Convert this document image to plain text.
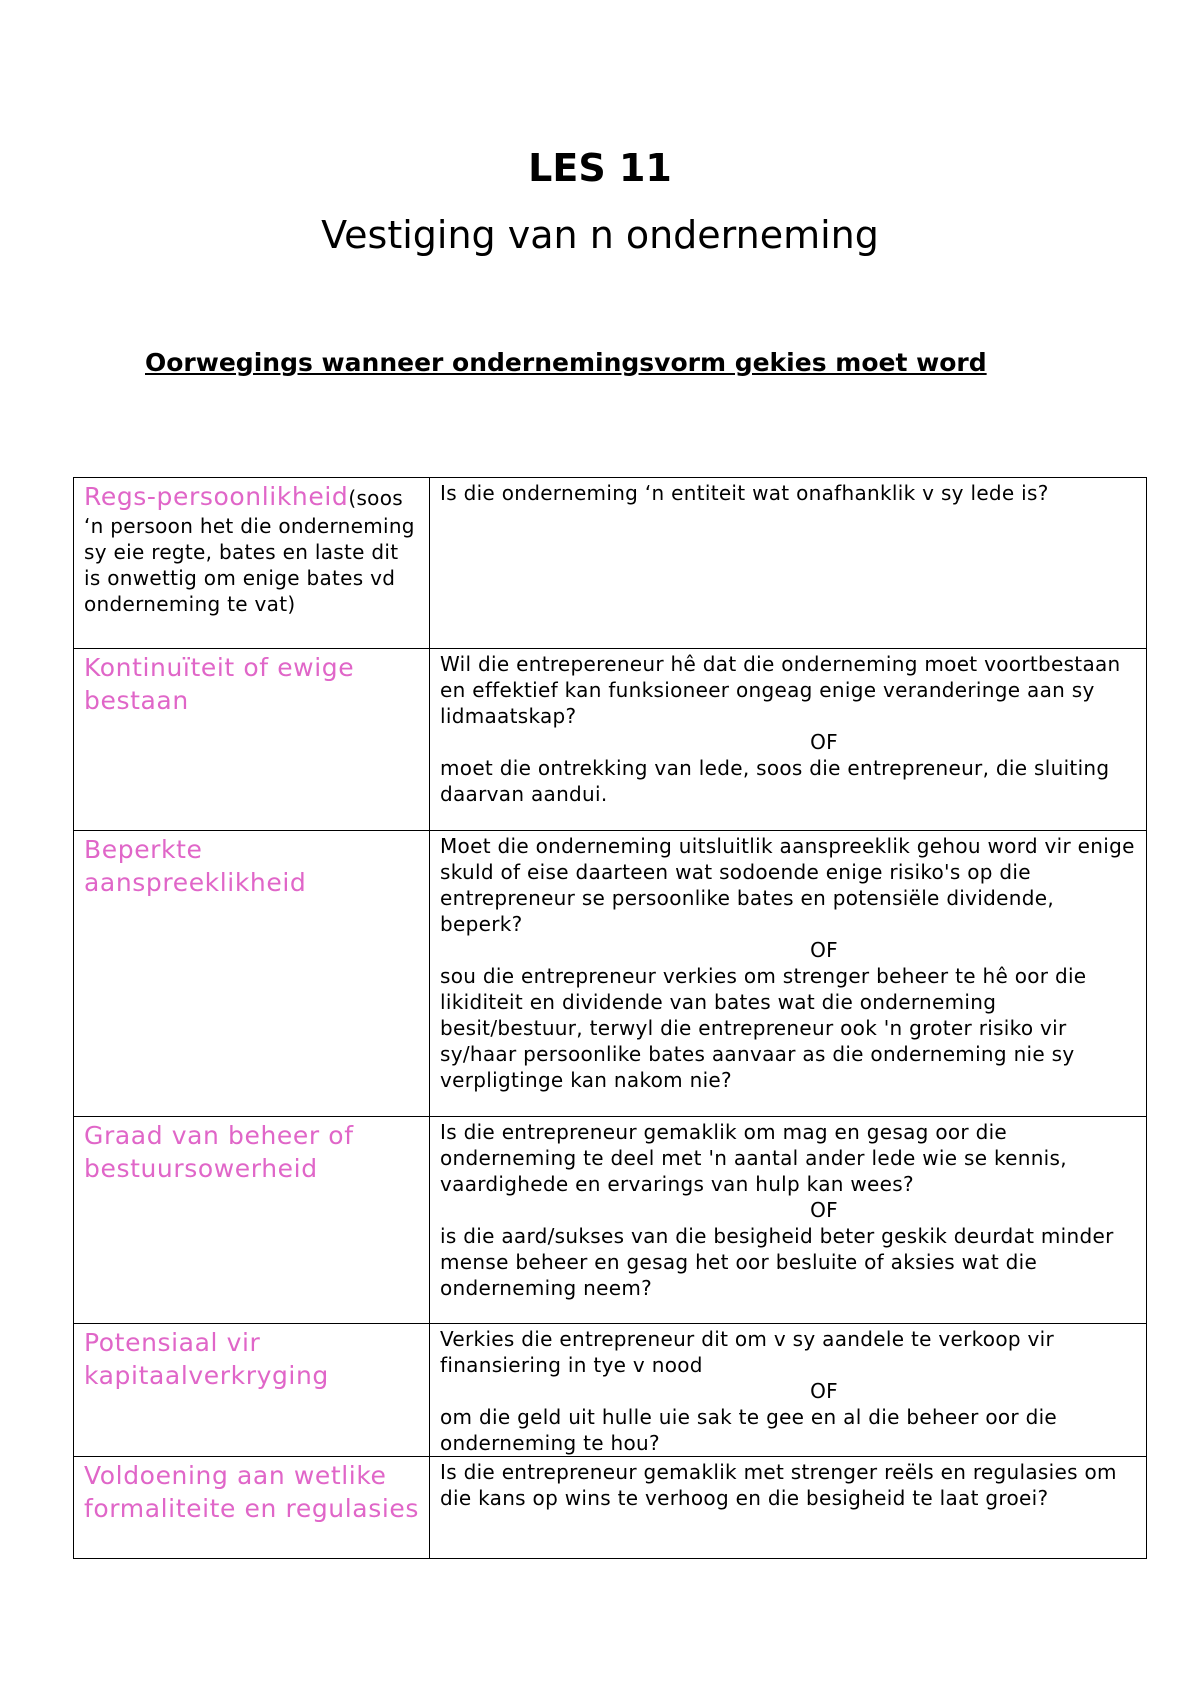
LES 11
Vestiging van n onderneming
Oorwegings wanneer ondernemingsvorm gekies moet word
Regs-persoonlikheid(soos ‘n persoon het die onderneming sy eie regte, bates en laste dit is onwettig om enige bates vd onderneming te vat)	Is die onderneming ‘n entiteit wat onafhanklik v sy lede is?
Kontinuïteit of ewige bestaan	Wil die entrepereneur hê dat die onderneming moet voortbestaan en effektief kan funksioneer ongeag enige veranderinge aan sy lidmaatskap?
OF
moet die ontrekking van lede, soos die entrepreneur, die sluiting daarvan aandui.
Beperkte aanspreeklikheid	Moet die onderneming uitsluitlik aanspreeklik gehou word vir enige skuld of eise daarteen wat sodoende enige risiko's op die entrepreneur se persoonlike bates en potensiële dividende, beperk?
OF
sou die entrepreneur verkies om strenger beheer te hê oor die likiditeit en dividende van bates wat die onderneming besit/bestuur, terwyl die entrepreneur ook 'n groter risiko vir sy/haar persoonlike bates aanvaar as die onderneming nie sy verpligtinge kan nakom nie?
Graad van beheer of bestuursowerheid	Is die entrepreneur gemaklik om mag en gesag oor die onderneming te deel met 'n aantal ander lede wie se kennis, vaardighede en ervarings van hulp kan wees?
OF
is die aard/sukses van die besigheid beter geskik deurdat minder mense beheer en gesag het oor besluite of aksies wat die onderneming neem?
Potensiaal vir kapitaalverkryging	Verkies die entrepreneur dit om v sy aandele te verkoop vir finansiering in tye v nood
OF
om die geld uit hulle uie sak te gee en al die beheer oor die onderneming te hou?
Voldoening aan wetlike formaliteite en regulasies	Is die entrepreneur gemaklik met strenger reëls en regulasies om die kans op wins te verhoog en die besigheid te laat groei?
